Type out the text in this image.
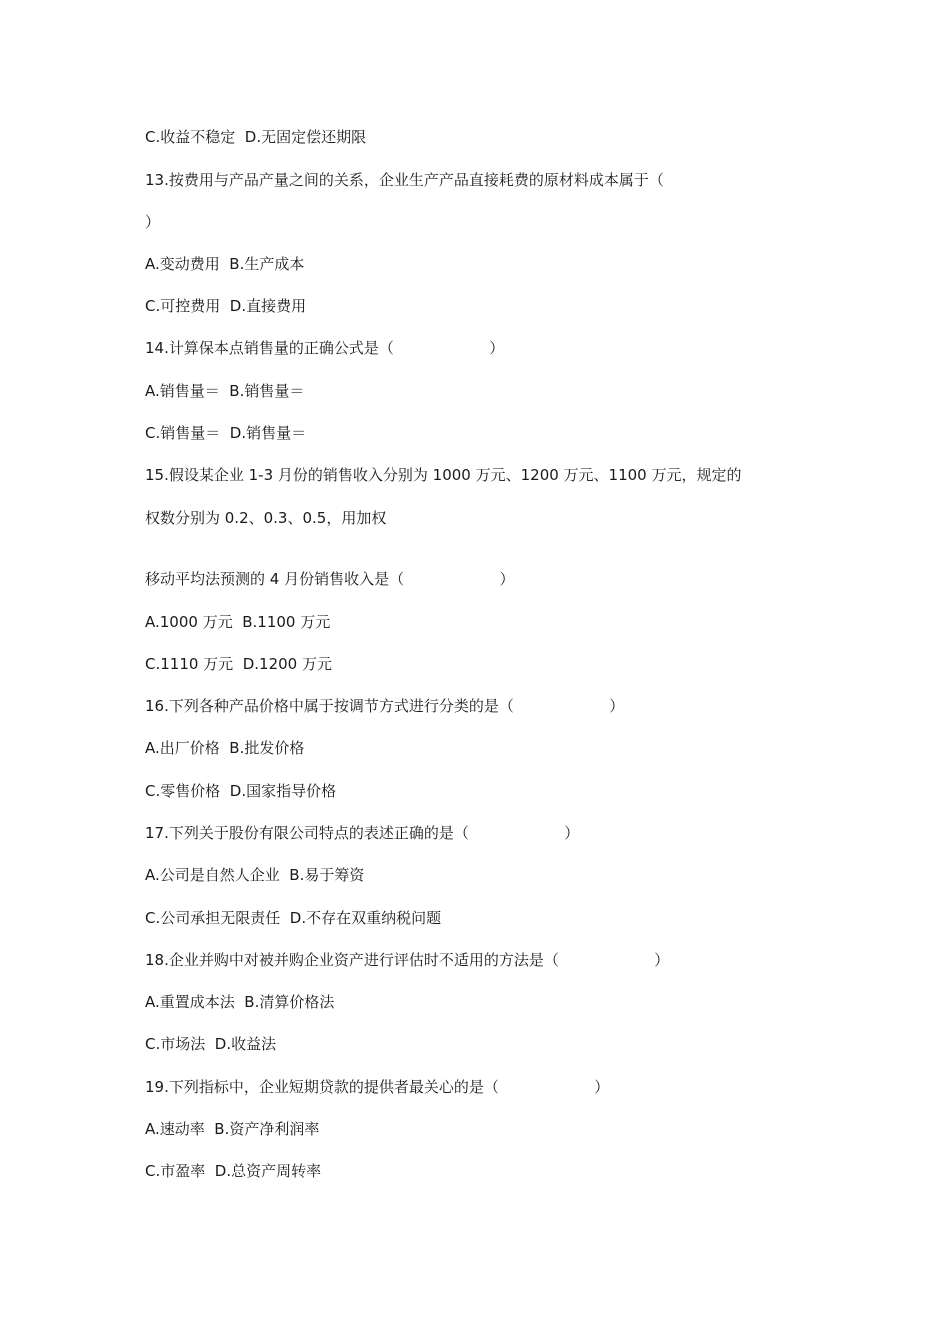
C.收益不稳定  D.无固定偿还期限
13.按费用与产品产量之间的关系，企业生产产品直接耗费的原材料成本属于（
）
A.变动费用  B.生产成本
C.可控费用  D.直接费用
14.计算保本点销售量的正确公式是（                    ）
A.销售量＝  B.销售量＝
C.销售量＝  D.销售量＝
15.假设某企业 1-3 月份的销售收入分别为 1000 万元、1200 万元、1100 万元，规定的
权数分别为 0.2、0.3、0.5，用加权
移动平均法预测的 4 月份销售收入是（                    ）
A.1000 万元  B.1100 万元
C.1110 万元  D.1200 万元
16.下列各种产品价格中属于按调节方式进行分类的是（                    ）
A.出厂价格  B.批发价格
C.零售价格  D.国家指导价格
17.下列关于股份有限公司特点的表述正确的是（                    ）
A.公司是自然人企业  B.易于筹资
C.公司承担无限责任  D.不存在双重纳税问题
18.企业并购中对被并购企业资产进行评估时不适用的方法是（                    ）
A.重置成本法  B.清算价格法
C.市场法  D.收益法
19.下列指标中，企业短期贷款的提供者最关心的是（                    ）
A.速动率  B.资产净利润率
C.市盈率  D.总资产周转率
